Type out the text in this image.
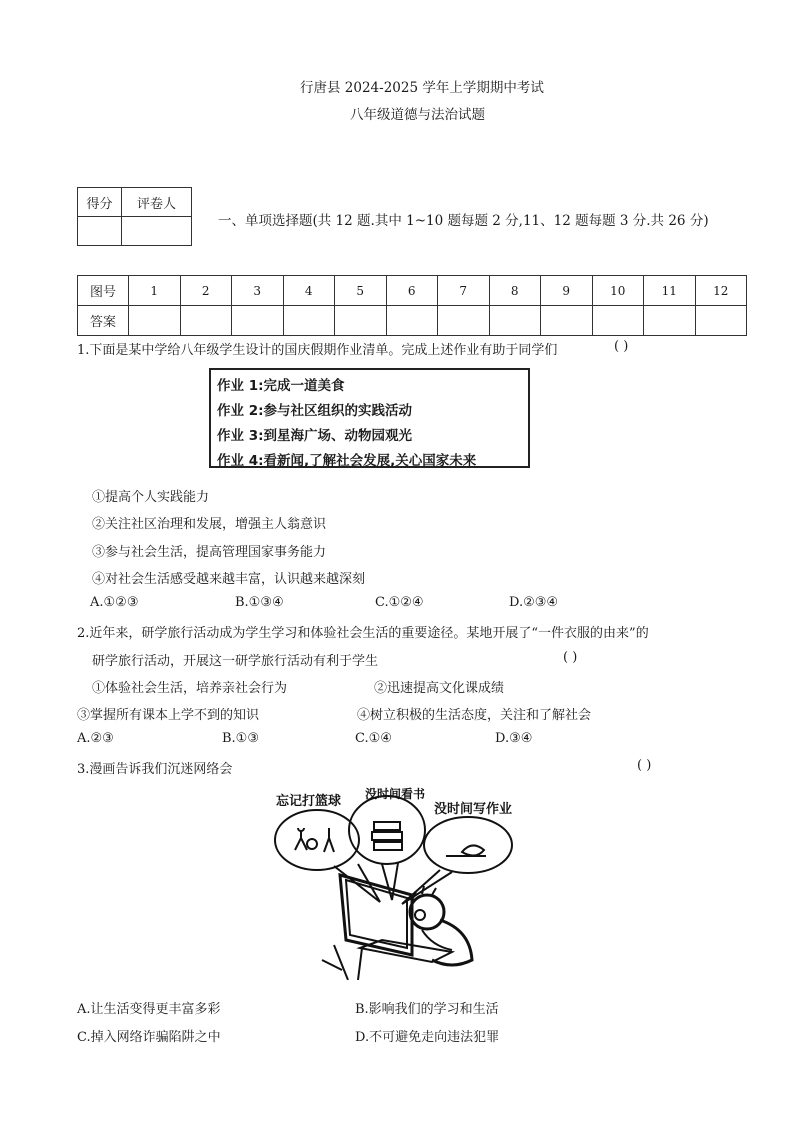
行唐县 2024-2025 学年上学期期中考试
八年级道德与法治试题
得分	评卷人

一、单项选择题(共 12 题.其中 1~10 题每题 2 分,11、12 题每题 3 分.共 26 分)
图号	1	2	3	4	5	6	7	8	9	10	11	12
答案												
1.下面是某中学给八年级学生设计的国庆假期作业清单。完成上述作业有助于同学们	( )
作业 1:完成一道美食
作业 2:参与社区组织的实践活动
作业 3:到星海广场、动物园观光
作业 4:看新闻,了解社会发展,关心国家未来
①提高个人实践能力
②关注社区治理和发展，增强主人翁意识
③参与社会生活，提高管理国家事务能力
④对社会生活感受越来越丰富，认识越来越深刻
A.①②③	B.①③④	C.①②④	D.②③④
2.近年来，研学旅行活动成为学生学习和体验社会生活的重要途径。某地开展了“一件衣服的由来”的
研学旅行活动，开展这一研学旅行活动有利于学生	( )
①体验社会生活，培养亲社会行为	②迅速提高文化课成绩
③掌握所有课本上学不到的知识	④树立积极的生活态度，关注和了解社会
A.②③	B.①③	C.①④	D.③④
3.漫画告诉我们沉迷网络会	( )
忘记打篮球 没时间看书
没时间写作业
A.让生活变得更丰富多彩	B.影响我们的学习和生活
C.掉入网络诈骗陷阱之中	D.不可避免走向违法犯罪
